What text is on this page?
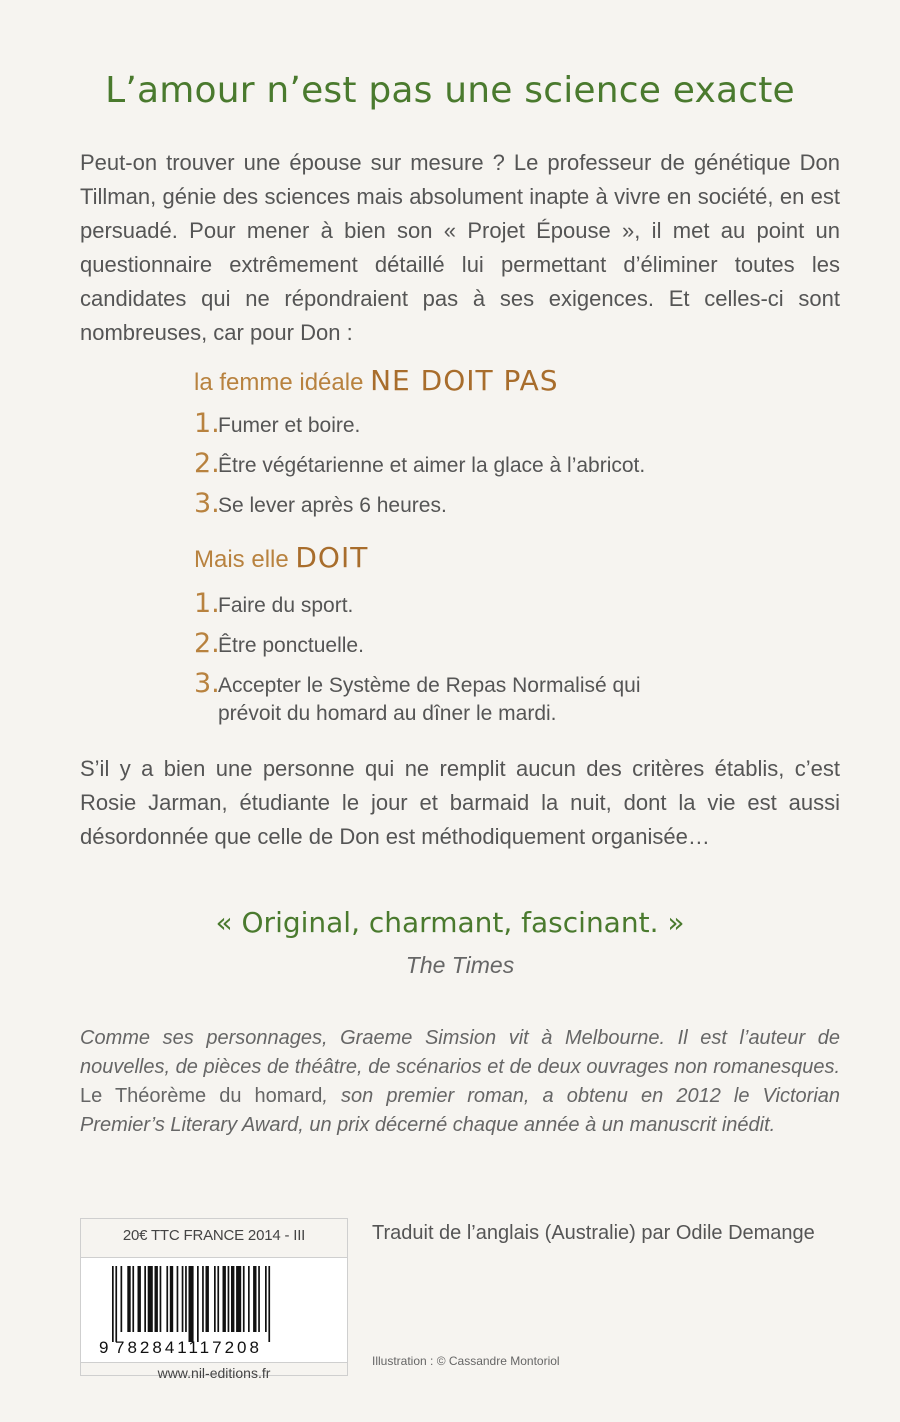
L’amour n’est pas une science exacte
Peut-on trouver une épouse sur mesure ? Le professeur de génétique Don Tillman, génie des sciences mais absolument inapte à vivre en société, en est persuadé. Pour mener à bien son « Projet Épouse », il met au point un questionnaire extrêmement détaillé lui permettant d’éliminer toutes les candidates qui ne répondraient pas à ses exigences. Et celles-ci sont nombreuses, car pour Don :
la femme idéale NE DOIT PAS
1.
Fumer et boire.
2.
Être végétarienne et aimer la glace à l’abricot.
3.
Se lever après 6 heures.
Mais elle DOIT
1.
Faire du sport.
2.
Être ponctuelle.
3.
Accepter le Système de Repas Normalisé qui prévoit du homard au dîner le mardi.
S’il y a bien une personne qui ne remplit aucun des critères établis, c’est Rosie Jarman, étudiante le jour et barmaid la nuit, dont la vie est aussi désordonnée que celle de Don est méthodiquement organisée…
« Original, charmant, fascinant. »
The Times
Comme ses personnages, Graeme Simsion vit à Melbourne. Il est l’auteur de nouvelles, de pièces de théâtre, de scénarios et de deux ouvrages non romanesques. Le Théorème du homard, son premier roman, a obtenu en 2012 le Victorian Premier’s Literary Award, un prix décerné chaque année à un manuscrit inédit.
20€ TTC FRANCE 2014 - III
9 782841117208
www.nil-editions.fr
Traduit de l’anglais (Australie) par Odile Demange
Illustration : © Cassandre Montoriol
